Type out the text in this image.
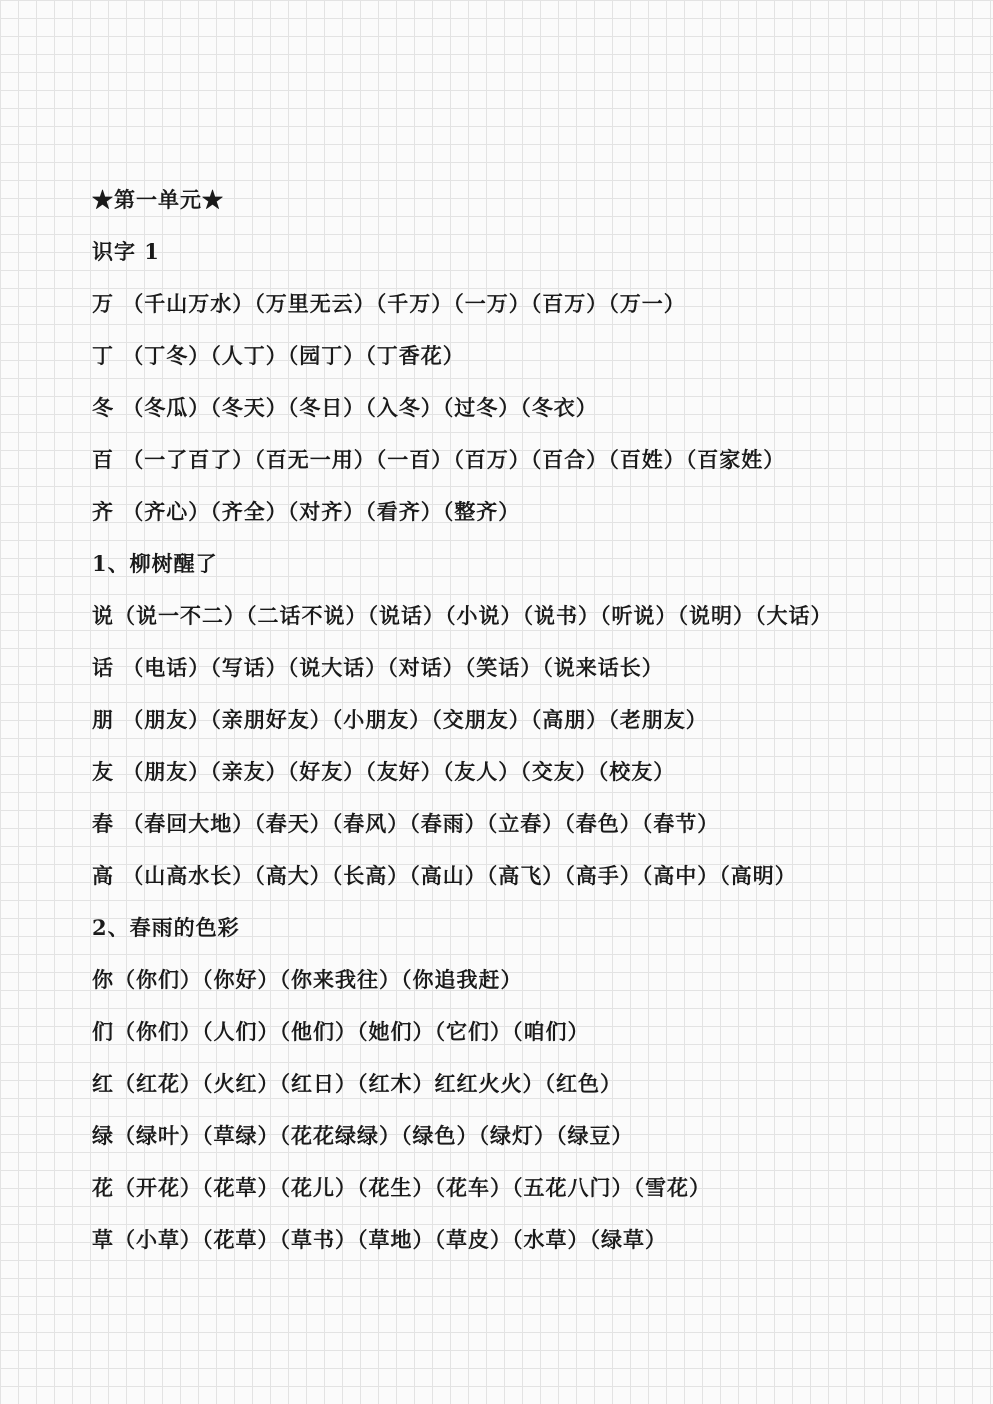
★第一单元★
识字 1
万 （千山万水）（万里无云）（千万）（一万）（百万）（万一）
丁 （丁冬）（人丁）（园丁）（丁香花）
冬 （冬瓜）（冬天）（冬日）（入冬）（过冬）（冬衣）
百 （一了百了）（百无一用）（一百）（百万）（百合）（百姓）（百家姓）
齐 （齐心）（齐全）（对齐）（看齐）（整齐）
1、柳树醒了
说（说一不二）（二话不说）（说话）（小说）（说书）（听说）（说明）（大话）
话 （电话）（写话）（说大话）（对话）（笑话）（说来话长）
朋 （朋友）（亲朋好友）（小朋友）（交朋友）（高朋）（老朋友）
友 （朋友）（亲友）（好友）（友好）（友人）（交友）（校友）
春 （春回大地）（春天）（春风）（春雨）（立春）（春色）（春节）
高 （山高水长）（高大）（长高）（高山）（高飞）（高手）（高中）（高明）
2、春雨的色彩
你（你们）（你好）（你来我往）（你追我赶）
们（你们）（人们）（他们）（她们）（它们）（咱们）
红（红花）（火红）（红日）（红木）红红火火）（红色）
绿（绿叶）（草绿）（花花绿绿）（绿色）（绿灯）（绿豆）
花（开花）（花草）（花儿）（花生）（花车）（五花八门）（雪花）
草（小草）（花草）（草书）（草地）（草皮）（水草）（绿草）
